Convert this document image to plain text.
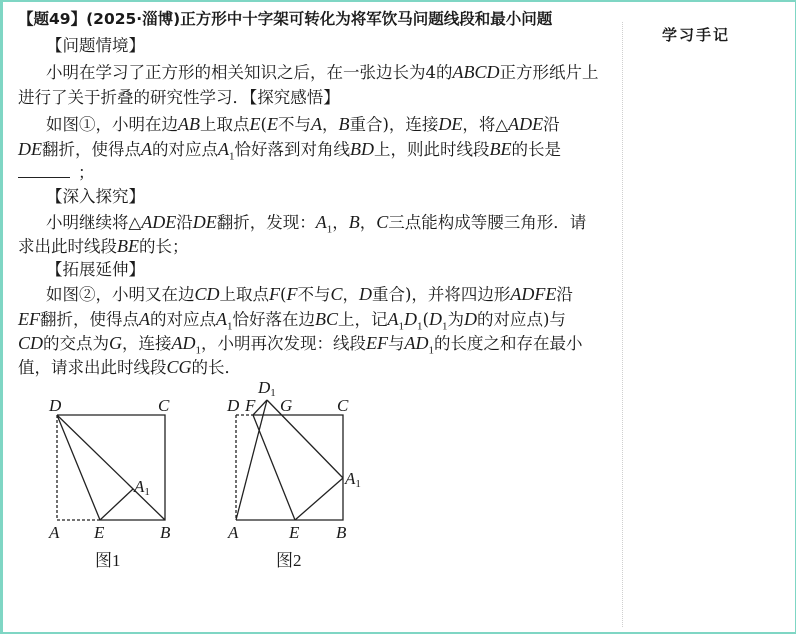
学习手记
【题49】(2025·淄博)正方形中十字架可转化为将军饮马问题线段和最小问题
【问题情境】
小明在学习了正方形的相关知识之后，在一张边长为4的ABCD正方形纸片上
进行了关于折叠的研究性学习．【探究感悟】
如图①，小明在边AB上取点E(E不与A，B重合)，连接DE，将△ADE沿
DE翻折，使得点A的对应点$A_1$恰好落到对角线BD上，则此时线段BE的长是
；
【深入探究】
小明继续将△ADE沿DE翻折，发现：$A_1$，B，C三点能构成等腰三角形．请
求出此时线段BE的长；
【拓展延伸】
如图②，小明又在边CD上取点F(F不与C，D重合)，并将四边形ADFE沿
EF翻折，使得点A的对应点$A_1$恰好落在边BC上，记$A_1D_1(D_1$为D的对应点)与
CD的交点为G，连接$AD_1$，小明再次发现：线段EF与$AD_1$的长度之和存在最小
值，请求出此时线段CG的长．
D	C
A E	B
A1
图1
D F
D1
G	C
A1
A	E B
图2
